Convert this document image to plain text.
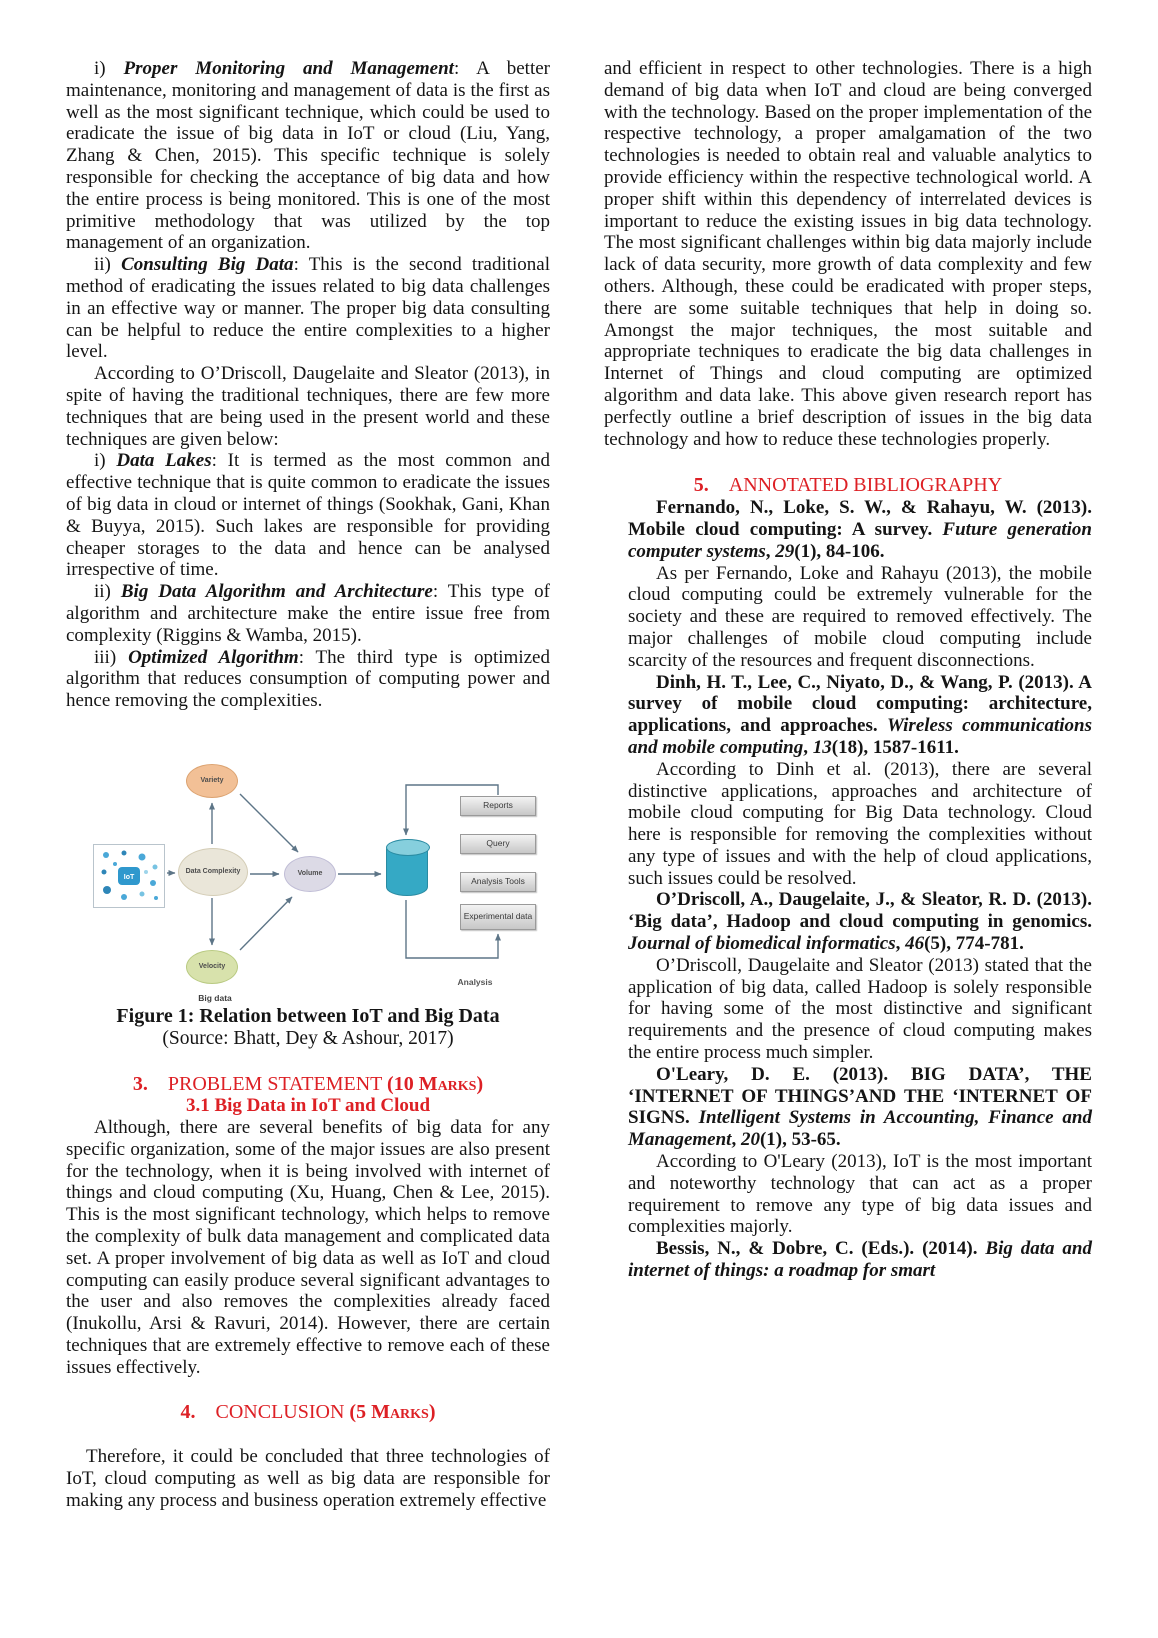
i) Proper Monitoring and Management: A better maintenance, monitoring and management of data is the first as well as the most significant technique, which could be used to eradicate the issue of big data in IoT or cloud (Liu, Yang, Zhang & Chen, 2015). This specific technique is solely responsible for checking the acceptance of big data and how the entire process is being monitored. This is one of the most primitive methodology that was utilized by the top management of an organization.

ii) Consulting Big Data: This is the second traditional method of eradicating the issues related to big data challenges in an effective way or manner. The proper big data consulting can be helpful to reduce the entire complexities to a higher level.

According to O’Driscoll, Daugelaite and Sleator (2013), in spite of having the traditional techniques, there are few more techniques that are being used in the present world and these techniques are given below:

i) Data Lakes: It is termed as the most common and effective technique that is quite common to eradicate the issues of big data in cloud or internet of things (Sookhak, Gani, Khan & Buyya, 2015). Such lakes are responsible for providing cheaper storages to the data and hence can be analysed irrespective of time.

ii) Big Data Algorithm and Architecture: This type of algorithm and architecture make the entire issue free from complexity (Riggins & Wamba, 2015).

iii) Optimized Algorithm: The third type is optimized algorithm that reduces consumption of computing power and hence removing the complexities.

IoT
Variety
Data Complexity	Volume
Velocity
Reports
Query
Analysis Tools
Experimental data
Big data
Analysis

Figure 1: Relation between IoT and Big Data

(Source: Bhatt, Dey & Ashour, 2017)

3. PROBLEM STATEMENT (10 Marks)

3.1 Big Data in IoT and Cloud

Although, there are several benefits of big data for any specific organization, some of the major issues are also present for the technology, when it is being involved with internet of things and cloud computing (Xu, Huang, Chen & Lee, 2015). This is the most significant technology, which helps to remove the complexity of bulk data management and complicated data set. A proper involvement of big data as well as IoT and cloud computing can easily produce several significant advantages to the user and also removes the complexities already faced (Inukollu, Arsi & Ravuri, 2014). However, there are certain techniques that are extremely effective to remove each of these issues effectively.

4. CONCLUSION (5 Marks)

Therefore, it could be concluded that three technologies of IoT, cloud computing as well as big data are responsible for making any process and business operation extremely effective

and efficient in respect to other technologies. There is a high demand of big data when IoT and cloud are being converged with the technology. Based on the proper implementation of the respective technology, a proper amalgamation of the two technologies is needed to obtain real and valuable analytics to provide efficiency within the respective technological world. A proper shift within this dependency of interrelated devices is important to reduce the existing issues in big data technology. The most significant challenges within big data majorly include lack of data security, more growth of data complexity and few others. Although, these could be eradicated with proper steps, there are some suitable techniques that help in doing so. Amongst the major techniques, the most suitable and appropriate techniques to eradicate the big data challenges in Internet of Things and cloud computing are optimized algorithm and data lake. This above given research report has perfectly outline a brief description of issues in the big data technology and how to reduce these technologies properly.

5. ANNOTATED BIBLIOGRAPHY

Fernando, N., Loke, S. W., & Rahayu, W. (2013). Mobile cloud computing: A survey. Future generation computer systems, 29(1), 84-106.

As per Fernando, Loke and Rahayu (2013), the mobile cloud computing could be extremely vulnerable for the society and these are required to removed effectively. The major challenges of mobile cloud computing include scarcity of the resources and frequent disconnections.

Dinh, H. T., Lee, C., Niyato, D., & Wang, P. (2013). A survey of mobile cloud computing: architecture, applications, and approaches. Wireless communications and mobile computing, 13(18), 1587-1611.

According to Dinh et al. (2013), there are several distinctive applications, approaches and architecture of mobile cloud computing for Big Data technology. Cloud here is responsible for removing the complexities without any type of issues and with the help of cloud applications, such issues could be resolved.

O’Driscoll, A., Daugelaite, J., & Sleator, R. D. (2013). ‘Big data’, Hadoop and cloud computing in genomics. Journal of biomedical informatics, 46(5), 774-781.

O’Driscoll, Daugelaite and Sleator (2013) stated that the application of big data, called Hadoop is solely responsible for having some of the most distinctive and significant requirements and the presence of cloud computing makes the entire process much simpler.

O'Leary, D. E. (2013). BIG DATA’, THE ‘INTERNET OF THINGS’AND THE ‘INTERNET OF SIGNS. Intelligent Systems in Accounting, Finance and Management, 20(1), 53-65.

According to O'Leary (2013), IoT is the most important and noteworthy technology that can act as a proper requirement to remove any type of big data issues and complexities majorly.

Bessis, N., & Dobre, C. (Eds.). (2014). Big data and internet of things: a roadmap for smart
